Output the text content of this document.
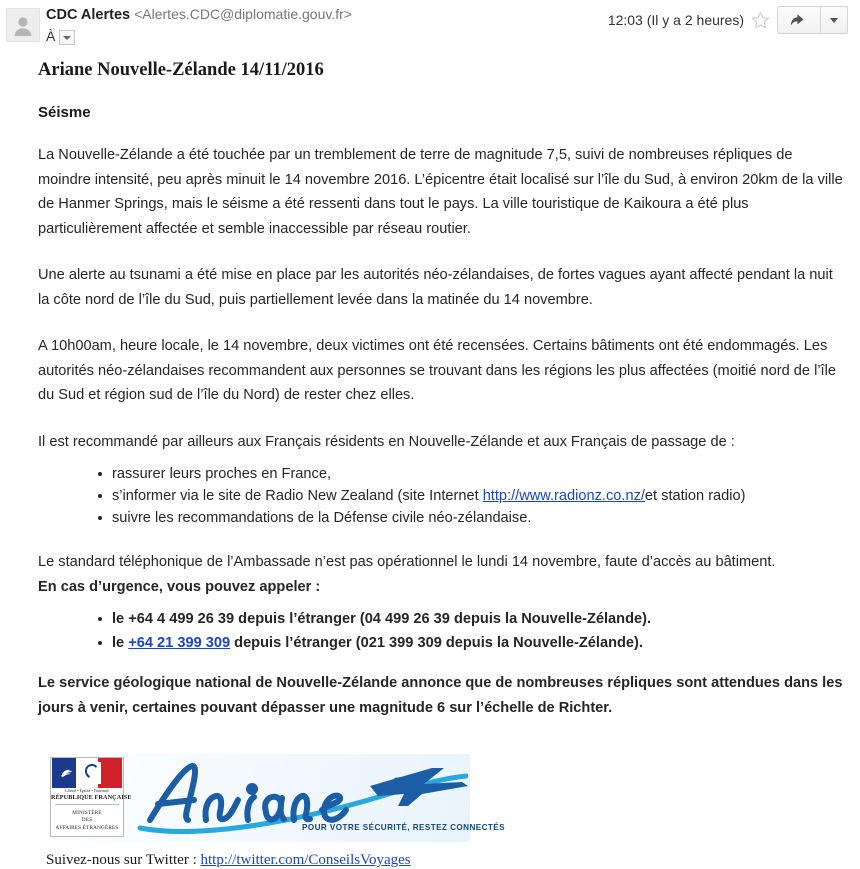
CDC Alertes <Alertes.CDC@diplomatie.gouv.fr>
À
12:03 (Il y a 2 heures)
Ariane Nouvelle-Zélande 14/11/2016
Séisme

La Nouvelle-Zélande a été touchée par un tremblement de terre de magnitude 7,5, suivi de nombreuses répliques de moindre intensité, peu après minuit le 14 novembre 2016. L’épicentre était localisé sur l’île du Sud, à environ 20km de la ville de Hanmer Springs, mais le séisme a été ressenti dans tout le pays. La ville touristique de Kaikoura a été plus particulièrement affectée et semble inaccessible par réseau routier.

Une alerte au tsunami a été mise en place par les autorités néo-zélandaises, de fortes vagues ayant affecté pendant la nuit la côte nord de l’île du Sud, puis partiellement levée dans la matinée du 14 novembre.

A 10h00am, heure locale, le 14 novembre, deux victimes ont été recensées. Certains bâtiments ont été endommagés. Les autorités néo-zélandaises recommandent aux personnes se trouvant dans les régions les plus affectées (moitié nord de l’île du Sud et région sud de l’île du Nord) de rester chez elles.

Il est recommandé par ailleurs aux Français résidents en Nouvelle-Zélande et aux Français de passage de :

rassurer leurs proches en France,
s’informer via le site de Radio New Zealand (site Internet http://www.radionz.co.nz/et station radio)
suivre les recommandations de la Défense civile néo-zélandaise.

Le standard téléphonique de l’Ambassade n’est pas opérationnel le lundi 14 novembre, faute d’accès au bâtiment.
En cas d’urgence, vous pouvez appeler :

le +64 4 499 26 39 depuis l’étranger (04 499 26 39 depuis la Nouvelle-Zélande).
le +64 21 399 309 depuis l’étranger (021 399 309 depuis la Nouvelle-Zélande).

Le service géologique national de Nouvelle-Zélande annonce que de nombreuses répliques sont attendues dans les jours à venir, certaines pouvant dépasser une magnitude 6 sur l’échelle de Richter.

Liberté • Égalité • Fraternité
RÉPUBLIQUE FRANÇAISE
MINISTÈRE
DES
AFFAIRES ÉTRANGÈRES	POUR VOTRE SÉCURITÉ, RESTEZ CONNECTÉS
Suivez-nous sur Twitter : http://twitter.com/ConseilsVoyages
